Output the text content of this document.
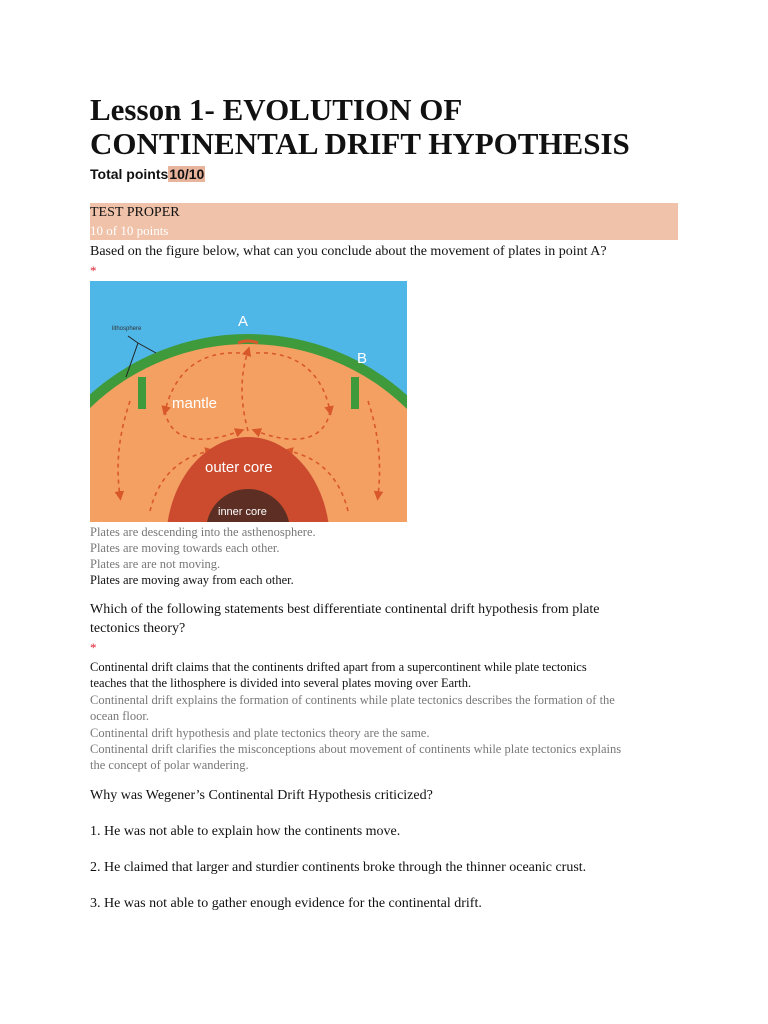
Lesson 1- EVOLUTION OF
CONTINENTAL DRIFT HYPOTHESIS
Total points10/10
TEST PROPER
10 of 10 points
Based on the figure below, what can you conclude about the movement of plates in point A?
*
lithosphere	A
B
mantle
outer core
inner core
Plates are descending into the asthenosphere.
Plates are moving towards each other.
Plates are are not moving.
Plates are moving away from each other.
Which of the following statements best differentiate continental drift hypothesis from plate
tectonics theory?
*
Continental drift claims that the continents drifted apart from a supercontinent while plate tectonics
teaches that the lithosphere is divided into several plates moving over Earth.
Continental drift explains the formation of continents while plate tectonics describes the formation of the
ocean floor.
Continental drift hypothesis and plate tectonics theory are the same.
Continental drift clarifies the misconceptions about movement of continents while plate tectonics explains
the concept of polar wandering.
Why was Wegener’s Continental Drift Hypothesis criticized?
1. He was not able to explain how the continents move.
2. He claimed that larger and sturdier continents broke through the thinner oceanic crust.
3. He was not able to gather enough evidence for the continental drift.
